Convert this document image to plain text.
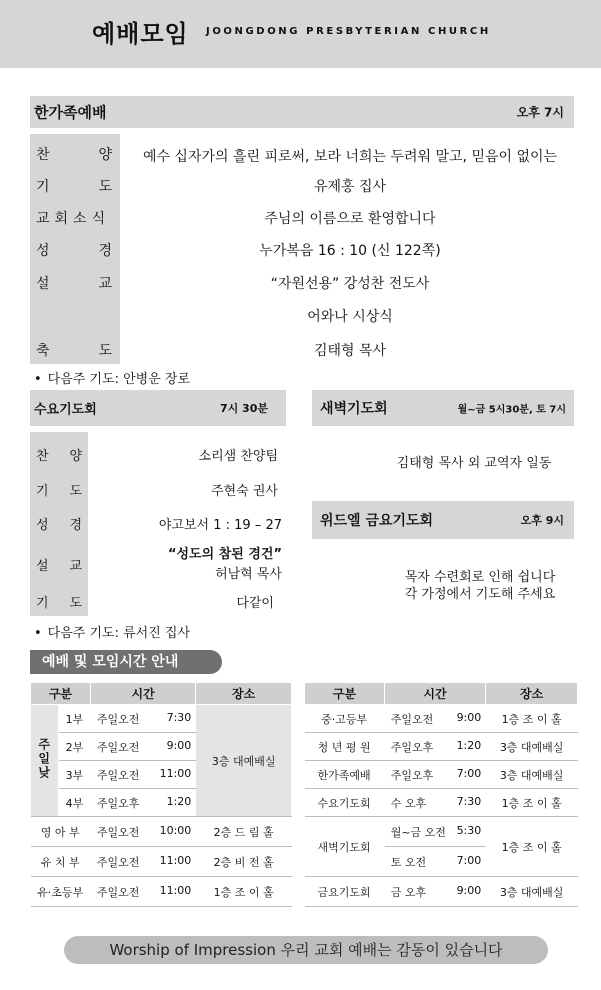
예배모임 JOONGDONG PRESBYTERIAN CHURCH
한가족예배	오후 7시
찬	양	예수 십자가의 흘린 피로써, 보라 너희는 두려워 말고, 믿음이 없이는
기	도	유제홍 집사
교회소식	주님의 이름으로 환영합니다
성	경	누가복음 16 : 10 (신 122쪽)
설	교	“자원선용” 강성찬 전도사
어와나 시상식
축	도	김태형 목사
• 다음주 기도: 안병운 장로
수요기도회	7시 30분
찬 양	소리샘 찬양팀
기 도	주현숙 권사
성 경	야고보서 1 : 19 – 27
설 교
“성도의 참된 경건”
허남혁 목사
기 도	다같이
• 다음주 기도: 류서진 집사
새벽기도회	월~금 5시30분, 토 7시
김태형 목사 외 교역자 일동
위드엘 금요기도회	오후 9시
목자 수련회로 인해 쉽니다
각 가정에서 기도해 주세요
예배 및 모임시간 안내
구분		시간	장소
주일낮	1부	주일오전 7:30	3층 대예배실
	2부	주일오전 9:00	

	3부	주일오전 11:00	

	4부	주일오후 1:20	

영 아 부		주일오전 10:00	2층 드 림 홀
유 치 부		주일오전 11:00	2층 비 전 홀
유·초등부		주일오전 11:00	1층 조 이 홀
구분	시간	장소
중·고등부	주일오전 9:00	1층 조 이 홀
청 년 평 원	주일오후 1:20	3층 대예배실
한가족예배	주일오후 7:00	3층 대예배실
수요기도회	수 오후 7:30	1층 조 이 홀
새벽기도회	월~금 오전 5:30	1층 조 이 홀
	토 오전 7:00	

금요기도회	금 오후 9:00	3층 대예배실
Worship of Impression 우리 교회 예배는 감동이 있습니다
